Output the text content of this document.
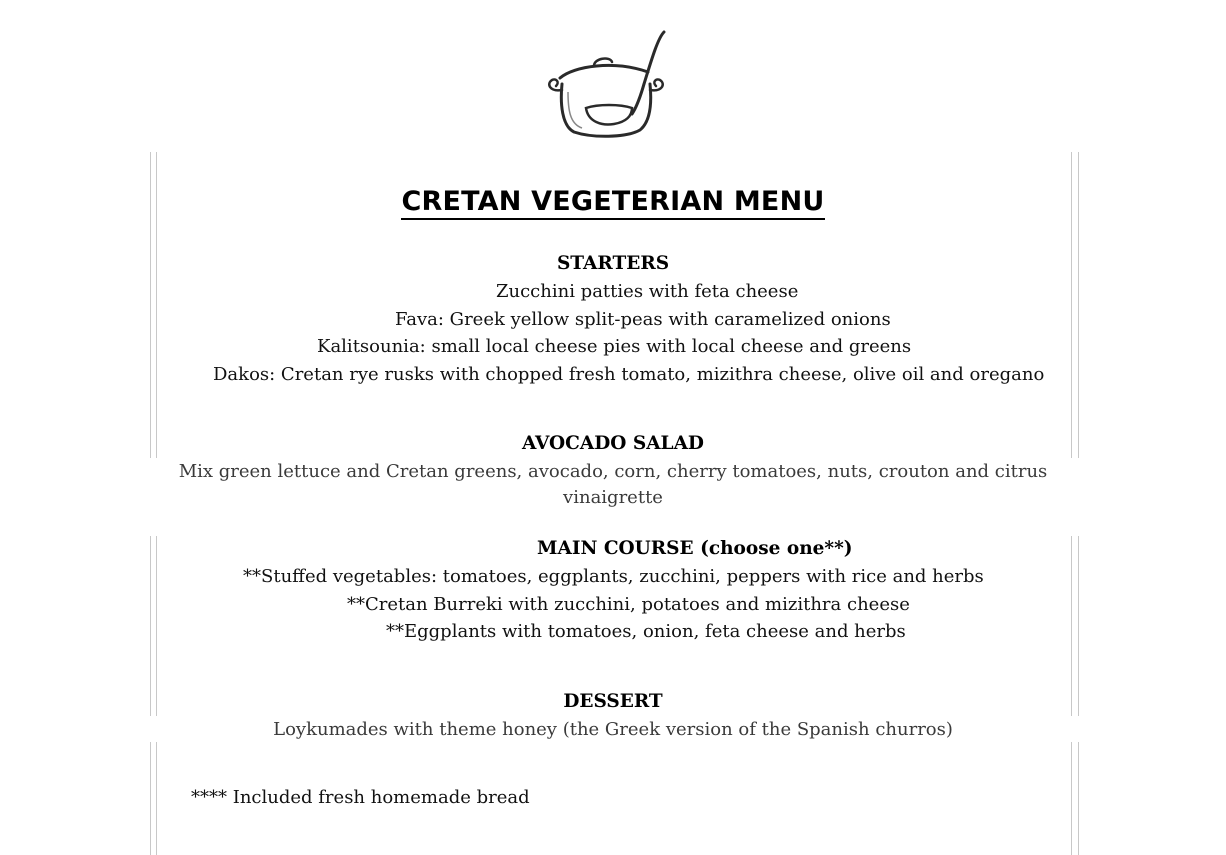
CRETAN VEGETERIAN MENU
STARTERS
Zucchini patties with feta cheese
Fava: Greek yellow split-peas with caramelized onions
Kalitsounia: small local cheese pies with local cheese and greens
Dakos: Cretan rye rusks with chopped fresh tomato, mizithra cheese, olive oil and oregano
AVOCADO SALAD
Mix green lettuce and Cretan greens, avocado, corn, cherry tomatoes, nuts, crouton and citrus
vinaigrette
MAIN COURSE (choose one**)
**Stuffed vegetables: tomatoes, eggplants, zucchini, peppers with rice and herbs
**Cretan Burreki with zucchini, potatoes and mizithra cheese
**Eggplants with tomatoes, onion, feta cheese and herbs
DESSERT
Loykumades with theme honey (the Greek version of the Spanish churros)
**** Included fresh homemade bread
